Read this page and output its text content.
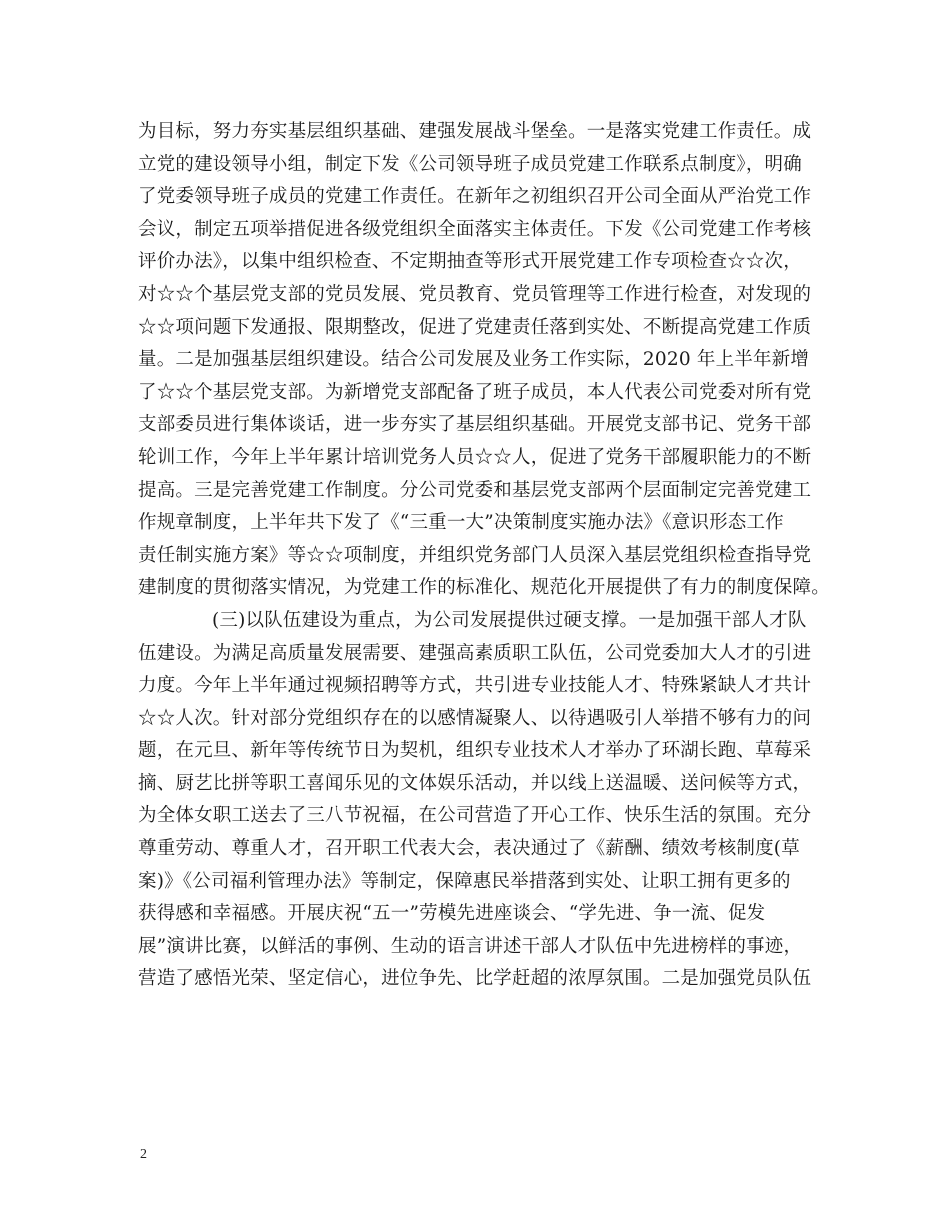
为目标，努力夯实基层组织基础、建强发展战斗堡垒。一是落实党建工作责任。成
立党的建设领导小组，制定下发《公司领导班子成员党建工作联系点制度》，明确
了党委领导班子成员的党建工作责任。在新年之初组织召开公司全面从严治党工作
会议，制定五项举措促进各级党组织全面落实主体责任。下发《公司党建工作考核
评价办法》，以集中组织检查、不定期抽查等形式开展党建工作专项检查☆☆次，
对☆☆个基层党支部的党员发展、党员教育、党员管理等工作进行检查，对发现的
☆☆项问题下发通报、限期整改，促进了党建责任落到实处、不断提高党建工作质
量。二是加强基层组织建设。结合公司发展及业务工作实际，2020 年上半年新增
了☆☆个基层党支部。为新增党支部配备了班子成员，本人代表公司党委对所有党
支部委员进行集体谈话，进一步夯实了基层组织基础。开展党支部书记、党务干部
轮训工作，今年上半年累计培训党务人员☆☆人，促进了党务干部履职能力的不断
提高。三是完善党建工作制度。分公司党委和基层党支部两个层面制定完善党建工
作规章制度，上半年共下发了《“三重一大”决策制度实施办法》《意识形态工作
责任制实施方案》等☆☆项制度，并组织党务部门人员深入基层党组织检查指导党
建制度的贯彻落实情况，为党建工作的标准化、规范化开展提供了有力的制度保障。
(三)以队伍建设为重点，为公司发展提供过硬支撑。一是加强干部人才队
伍建设。为满足高质量发展需要、建强高素质职工队伍，公司党委加大人才的引进
力度。今年上半年通过视频招聘等方式，共引进专业技能人才、特殊紧缺人才共计
☆☆人次。针对部分党组织存在的以感情凝聚人、以待遇吸引人举措不够有力的问
题，在元旦、新年等传统节日为契机，组织专业技术人才举办了环湖长跑、草莓采
摘、厨艺比拼等职工喜闻乐见的文体娱乐活动，并以线上送温暖、送问候等方式，
为全体女职工送去了三八节祝福，在公司营造了开心工作、快乐生活的氛围。充分
尊重劳动、尊重人才，召开职工代表大会，表决通过了《薪酬、绩效考核制度(草
案)》《公司福利管理办法》等制定，保障惠民举措落到实处、让职工拥有更多的
获得感和幸福感。开展庆祝“五一”劳模先进座谈会、“学先进、争一流、促发
展”演讲比赛，以鲜活的事例、生动的语言讲述干部人才队伍中先进榜样的事迹，
营造了感悟光荣、坚定信心，进位争先、比学赶超的浓厚氛围。二是加强党员队伍
2
